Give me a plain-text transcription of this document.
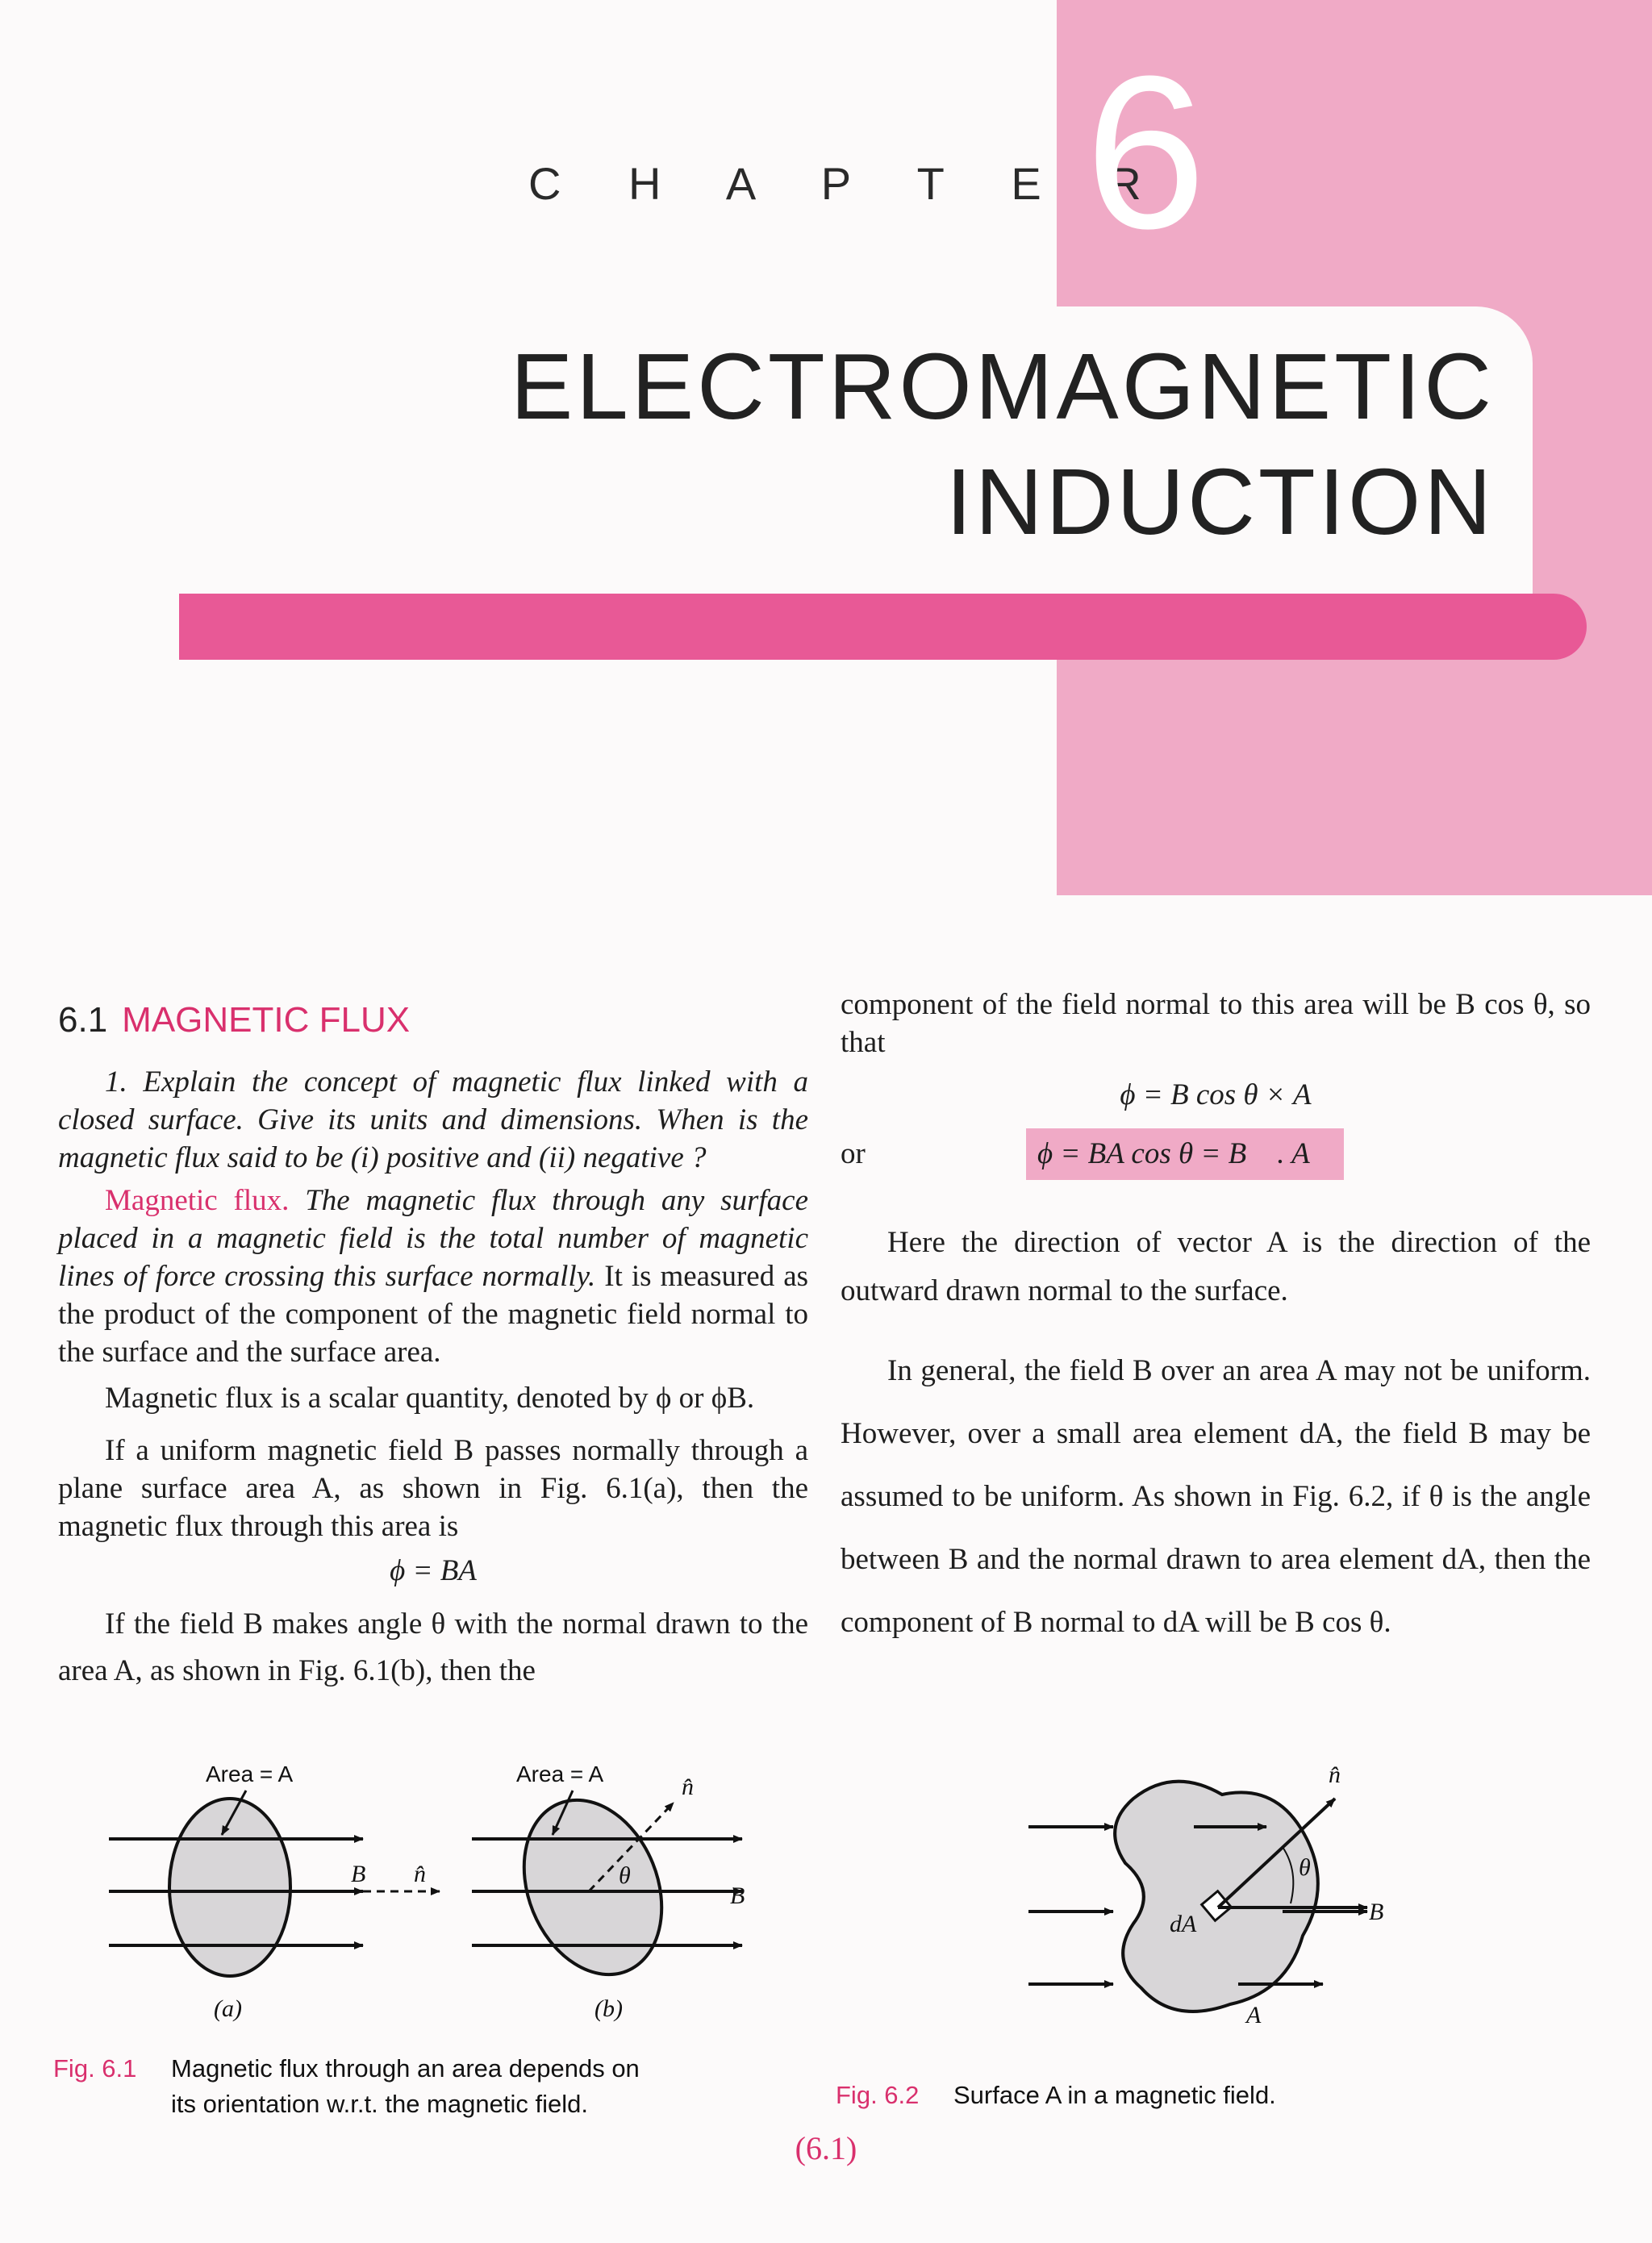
C H A P T E R
6
ELECTROMAGNETIC
INDUCTION
6.1 MAGNETIC FLUX

1. Explain the concept of magnetic flux linked with a closed surface. Give its units and dimensions. When is the magnetic flux said to be (i) positive and (ii) negative ?

Magnetic flux. The magnetic flux through any surface placed in a magnetic field is the total number of magnetic lines of force crossing this surface normally. It is measured as the product of the component of the magnetic field normal to the surface and the surface area.

Magnetic flux is a scalar quantity, denoted by ϕ or ϕB.

If a uniform magnetic field B passes normally through a plane surface area A, as shown in Fig. 6.1(a), then the magnetic flux through this area is

ϕ = BA

If the field B makes angle θ with the normal drawn to the area A, as shown in Fig. 6.1(b), then the

component of the field normal to this area will be B cos θ, so that

ϕ = B cos θ × A

or	ϕ = BA cos θ = B⃗ . A⃗

Here the direction of vector A is the direction of the outward drawn normal to the surface.

In general, the field B over an area A may not be uniform. However, over a small area element dA, the field B may be assumed to be uniform. As shown in Fig. 6.2, if θ is the angle between B and the normal drawn to area element dA, then the component of B normal to dA will be B cos θ.

Area = A
B n̂
(a)
Area = A	n̂
θ
B
(b)
Fig. 6.1 Magnetic flux through an area depends on
its orientation w.r.t. the magnetic field.
n̂
θ
B
dA
A
Fig. 6.2 Surface A in a magnetic field.
(6.1)
